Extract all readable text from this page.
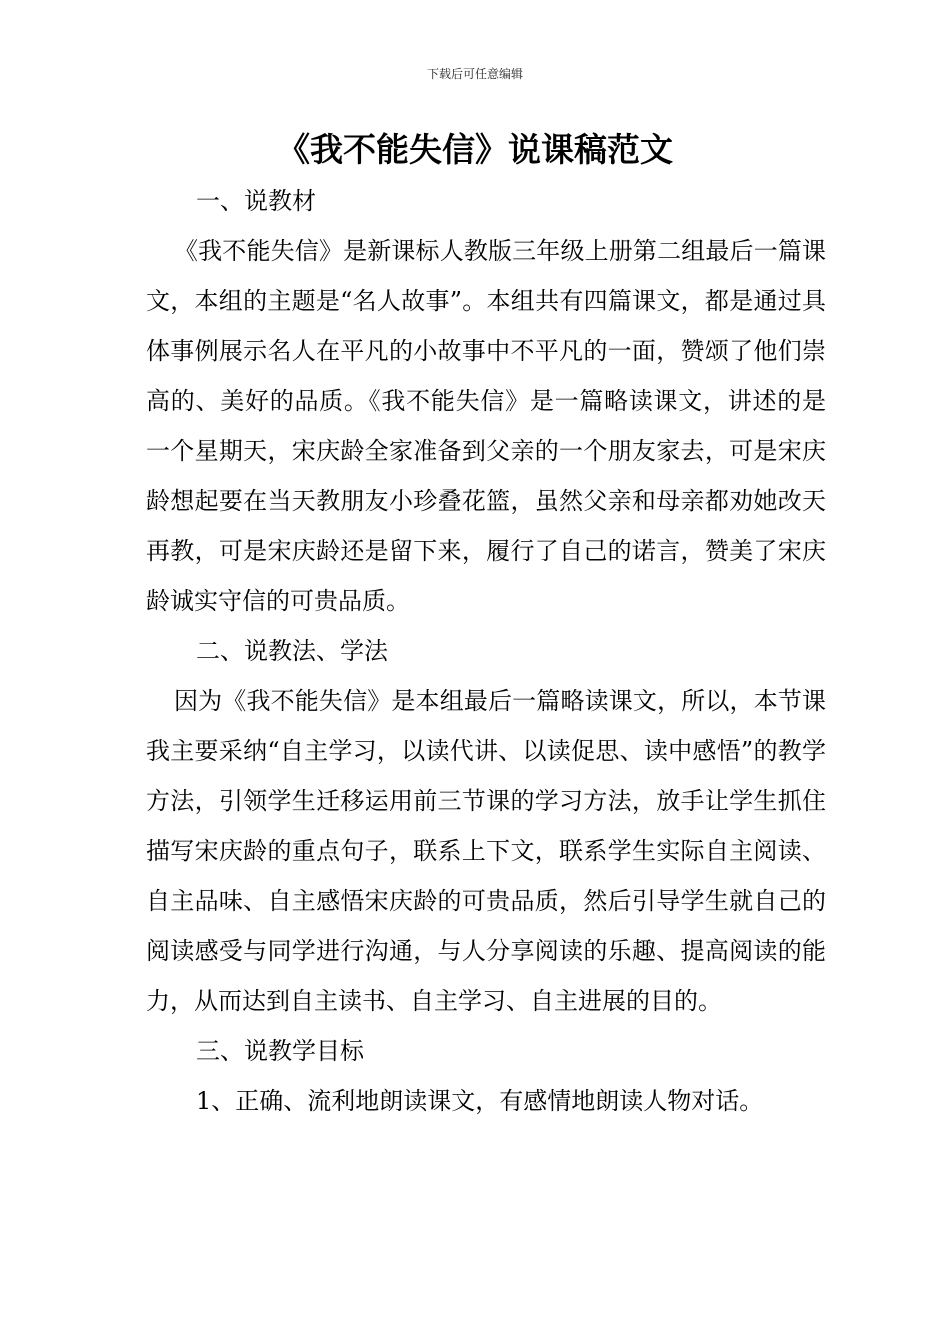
下载后可任意编辑
《我不能失信》说课稿范文

一、说教材

《我不能失信》是新课标人教版三年级上册第二组最后一篇课文，本组的主题是“名人故事”。本组共有四篇课文，都是通过具体事例展示名人在平凡的小故事中不平凡的一面，赞颂了他们崇高的、美好的品质。《我不能失信》是一篇略读课文，讲述的是一个星期天，宋庆龄全家准备到父亲的一个朋友家去，可是宋庆龄想起要在当天教朋友小珍叠花篮，虽然父亲和母亲都劝她改天再教，可是宋庆龄还是留下来，履行了自己的诺言，赞美了宋庆龄诚实守信的可贵品质。

二、说教法、学法

因为《我不能失信》是本组最后一篇略读课文，所以，本节课我主要采纳“自主学习，以读代讲、以读促思、读中感悟”的教学方法，引领学生迁移运用前三节课的学习方法，放手让学生抓住描写宋庆龄的重点句子，联系上下文，联系学生实际自主阅读、自主品味、自主感悟宋庆龄的可贵品质，然后引导学生就自己的阅读感受与同学进行沟通，与人分享阅读的乐趣、提高阅读的能力，从而达到自主读书、自主学习、自主进展的目的。

三、说教学目标

1、正确、流利地朗读课文，有感情地朗读人物对话。
